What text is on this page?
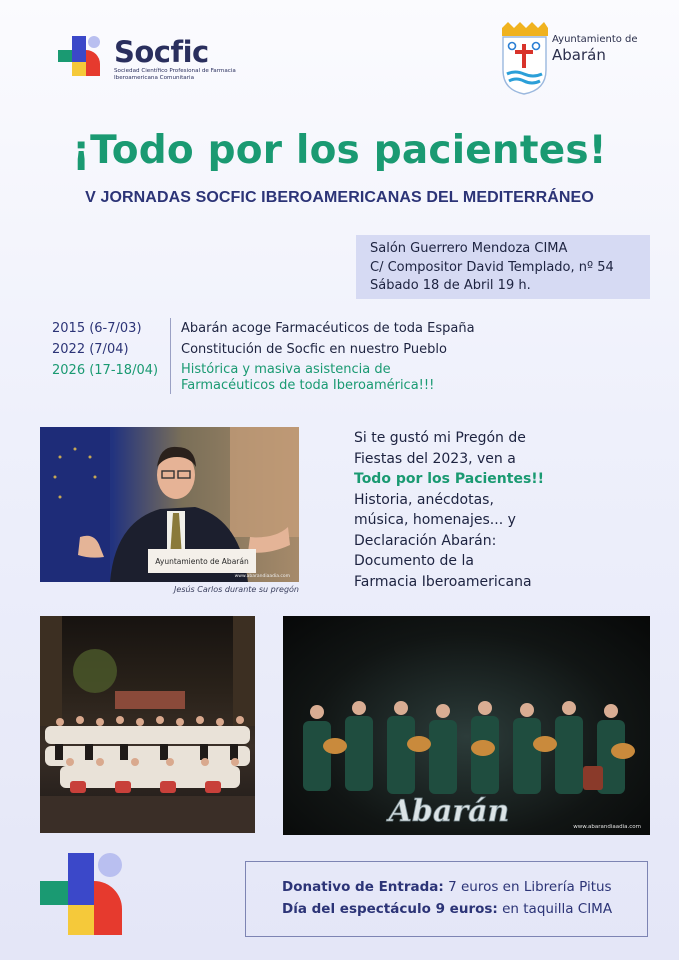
Socfic
Sociedad Científico Profesional de Farmacia Iberoamericana Comunitaria
Ayuntamiento de
Abarán
¡Todo por los pacientes!
V JORNADAS SOCFIC IBEROAMERICANAS DEL MEDITERRÁNEO
Salón Guerrero Mendoza CIMA
C/ Compositor David Templado, nº 54
Sábado 18 de Abril 19 h.
2015 (6-7/03)	Abarán acoge Farmacéuticos de toda España
2022 (7/04)	Constitución de Socfic en nuestro Pueblo
2026 (17-18/04)	Histórica y masiva asistencia de
Farmacéuticos de toda Iberoamérica!!!
Ayuntamiento de Abarán
www.abarandiaadia.com
Jesús Carlos durante su pregón
Si te gustó mi Pregón de
Fiestas del 2023, ven a
Todo por los Pacientes!!
Historia, anécdotas,
música, homenajes... y
Declaración Abarán:
Documento de la
Farmacia Iberoamericana
Abarán	www.abarandiaadia.com
Donativo de Entrada: 7 euros en Librería Pitus
Día del espectáculo 9 euros: en taquilla CIMA
